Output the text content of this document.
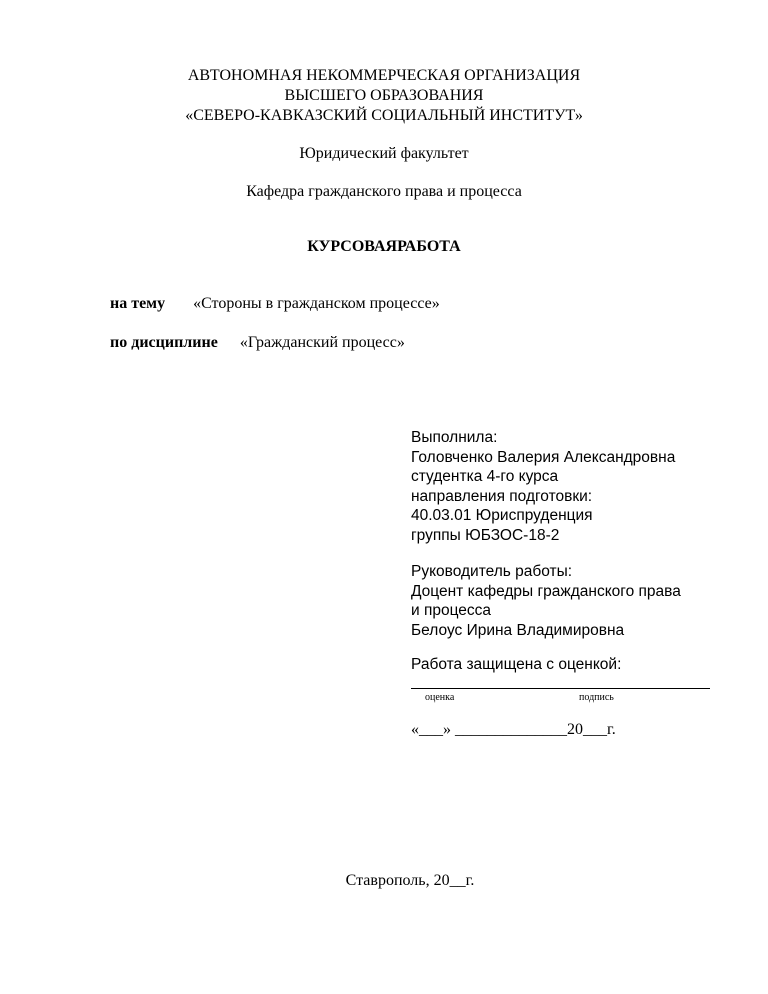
АВТОНОМНАЯ НЕКОММЕРЧЕСКАЯ ОРГАНИЗАЦИЯ
ВЫСШЕГО ОБРАЗОВАНИЯ
«СЕВЕРО-КАВКАЗСКИЙ СОЦИАЛЬНЫЙ ИНСТИТУТ»
Юридический факультет
Кафедра гражданского права и процесса
КУРСОВАЯРАБОТА
на тему «Стороны в гражданском процессе»
по дисциплине «Гражданский процесс»
Выполнила:
Головченко Валерия Александровна
студентка 4-го курса
направления подготовки:
40.03.01 Юриспруденция
группы ЮБЗОС-18-2
Руководитель работы:
Доцент кафедры гражданского права
и процесса
Белоус Ирина Владимировна
Работа защищена с оценкой:
оценка	подпись
«___» ______________20___г.
Ставрополь, 20__г.
